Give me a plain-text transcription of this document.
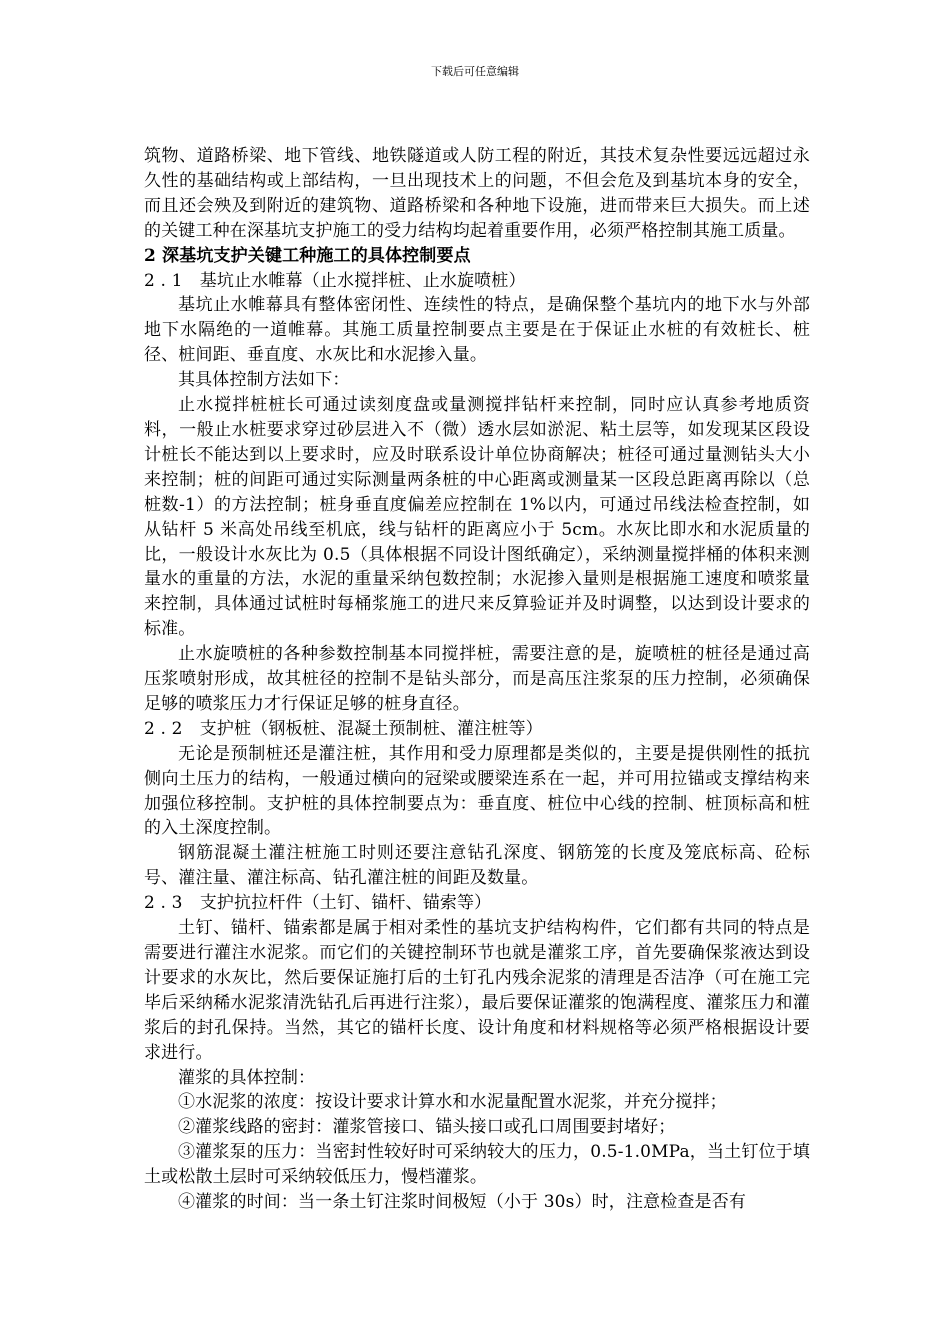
下载后可任意编辑

筑物、道路桥梁、地下管线、地铁隧道或人防工程的附近，其技术复杂性要远远超过永久性的基础结构或上部结构，一旦出现技术上的问题，不但会危及到基坑本身的安全，而且还会殃及到附近的建筑物、道路桥梁和各种地下设施，进而带来巨大损失。而上述的关键工种在深基坑支护施工的受力结构均起着重要作用，必须严格控制其施工质量。

2 深基坑支护关键工种施工的具体控制要点

2 . 1　基坑止水帷幕（止水搅拌桩、止水旋喷桩）

基坑止水帷幕具有整体密闭性、连续性的特点，是确保整个基坑内的地下水与外部地下水隔绝的一道帷幕。其施工质量控制要点主要是在于保证止水桩的有效桩长、桩径、桩间距、垂直度、水灰比和水泥掺入量。

其具体控制方法如下：

止水搅拌桩桩长可通过读刻度盘或量测搅拌钻杆来控制，同时应认真参考地质资料，一般止水桩要求穿过砂层进入不（微）透水层如淤泥、粘土层等，如发现某区段设计桩长不能达到以上要求时，应及时联系设计单位协商解决；桩径可通过量测钻头大小来控制；桩的间距可通过实际测量两条桩的中心距离或测量某一区段总距离再除以（总桩数-1）的方法控制；桩身垂直度偏差应控制在 1%以内，可通过吊线法检查控制，如从钻杆 5 米高处吊线至机底，线与钻杆的距离应小于 5cm。水灰比即水和水泥质量的比，一般设计水灰比为 0.5（具体根据不同设计图纸确定），采纳测量搅拌桶的体积来测量水的重量的方法，水泥的重量采纳包数控制；水泥掺入量则是根据施工速度和喷浆量来控制，具体通过试桩时每桶浆施工的进尺来反算验证并及时调整，以达到设计要求的标准。

止水旋喷桩的各种参数控制基本同搅拌桩，需要注意的是，旋喷桩的桩径是通过高压浆喷射形成，故其桩径的控制不是钻头部分，而是高压注浆泵的压力控制，必须确保足够的喷浆压力才行保证足够的桩身直径。

2 . 2　支护桩（钢板桩、混凝土预制桩、灌注桩等）

无论是预制桩还是灌注桩，其作用和受力原理都是类似的，主要是提供刚性的抵抗侧向土压力的结构，一般通过横向的冠梁或腰梁连系在一起，并可用拉锚或支撑结构来加强位移控制。支护桩的具体控制要点为：垂直度、桩位中心线的控制、桩顶标高和桩的入土深度控制。

钢筋混凝土灌注桩施工时则还要注意钻孔深度、钢筋笼的长度及笼底标高、砼标号、灌注量、灌注标高、钻孔灌注桩的间距及数量。

2 . 3　支护抗拉杆件（土钉、锚杆、锚索等）

土钉、锚杆、锚索都是属于相对柔性的基坑支护结构构件，它们都有共同的特点是需要进行灌注水泥浆。而它们的关键控制环节也就是灌浆工序，首先要确保浆液达到设计要求的水灰比，然后要保证施打后的土钉孔内残余泥浆的清理是否洁净（可在施工完毕后采纳稀水泥浆清洗钻孔后再进行注浆），最后要保证灌浆的饱满程度、灌浆压力和灌浆后的封孔保持。当然，其它的锚杆长度、设计角度和材料规格等必须严格根据设计要求进行。

灌浆的具体控制：

①水泥浆的浓度：按设计要求计算水和水泥量配置水泥浆，并充分搅拌；

②灌浆线路的密封：灌浆管接口、锚头接口或孔口周围要封堵好；

③灌浆泵的压力：当密封性较好时可采纳较大的压力，0.5-1.0MPa，当土钉位于填土或松散土层时可采纳较低压力，慢档灌浆。

④灌浆的时间：当一条土钉注浆时间极短（小于 30s）时，注意检查是否有
